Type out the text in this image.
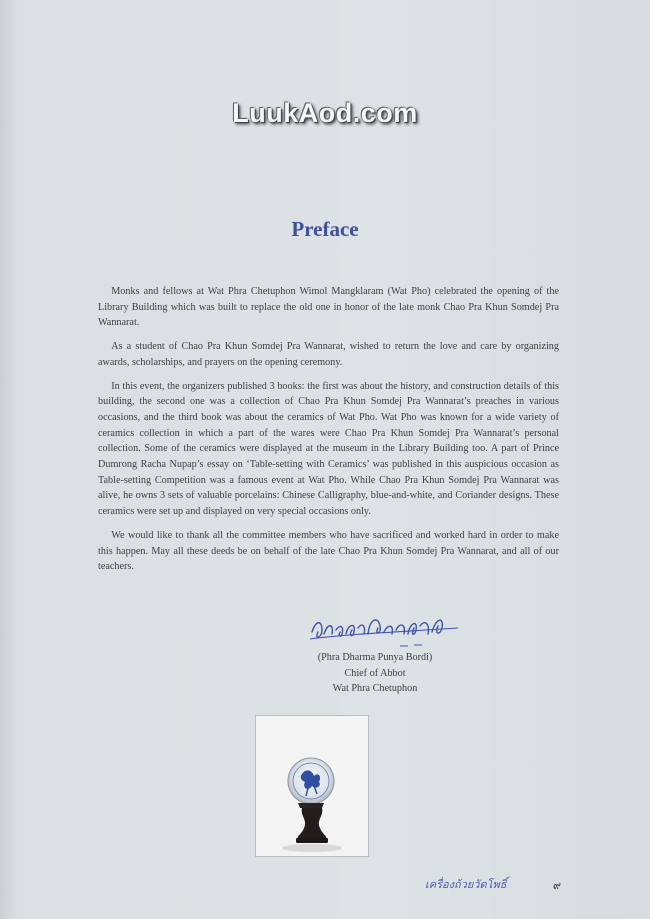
LuukAod.com
Preface

Monks and fellows at Wat Phra Chetuphon Wimol Mangklaram (Wat Pho) celebrated the opening of the Library Building which was built to replace the old one in honor of the late monk Chao Pra Khun Somdej Pra Wannarat.

As a student of Chao Pra Khun Somdej Pra Wannarat, wished to return the love and care by organizing awards, scholarships, and prayers on the opening ceremony.

In this event, the organizers published 3 books: the first was about the history, and construction details of this building, the second one was a collection of Chao Pra Khun Somdej Pra Wannarat’s preaches in various occasions, and the third book was about the ceramics of Wat Pho. Wat Pho was known for a wide variety of ceramics collection in which a part of the wares were Chao Pra Khun Somdej Pra Wannarat’s personal collection. Some of the ceramics were displayed at the museum in the Library Building too. A part of Prince Dumrong Racha Nupap’s essay on ‘Table-setting with Ceramics’ was published in this auspicious occasion as Table-setting Competition was a famous event at Wat Pho. While Chao Pra Khun Somdej Pra Wannarat was alive, he owns 3 sets of valuable porcelains: Chinese Calligraphy, blue-and-white, and Coriander designs. These ceramics were set up and displayed on very special occasions only.

We would like to thank all the committee members who have sacrificed and worked hard in order to make this happen. May all these deeds be on behalf of the late Chao Pra Khun Somdej Pra Wannarat, and all of our teachers.

(Phra Dharma Punya Bordi)
Chief of Abbot
Wat Phra Chetuphon
เครื่องถ้วยวัดโพธิ์	๙
